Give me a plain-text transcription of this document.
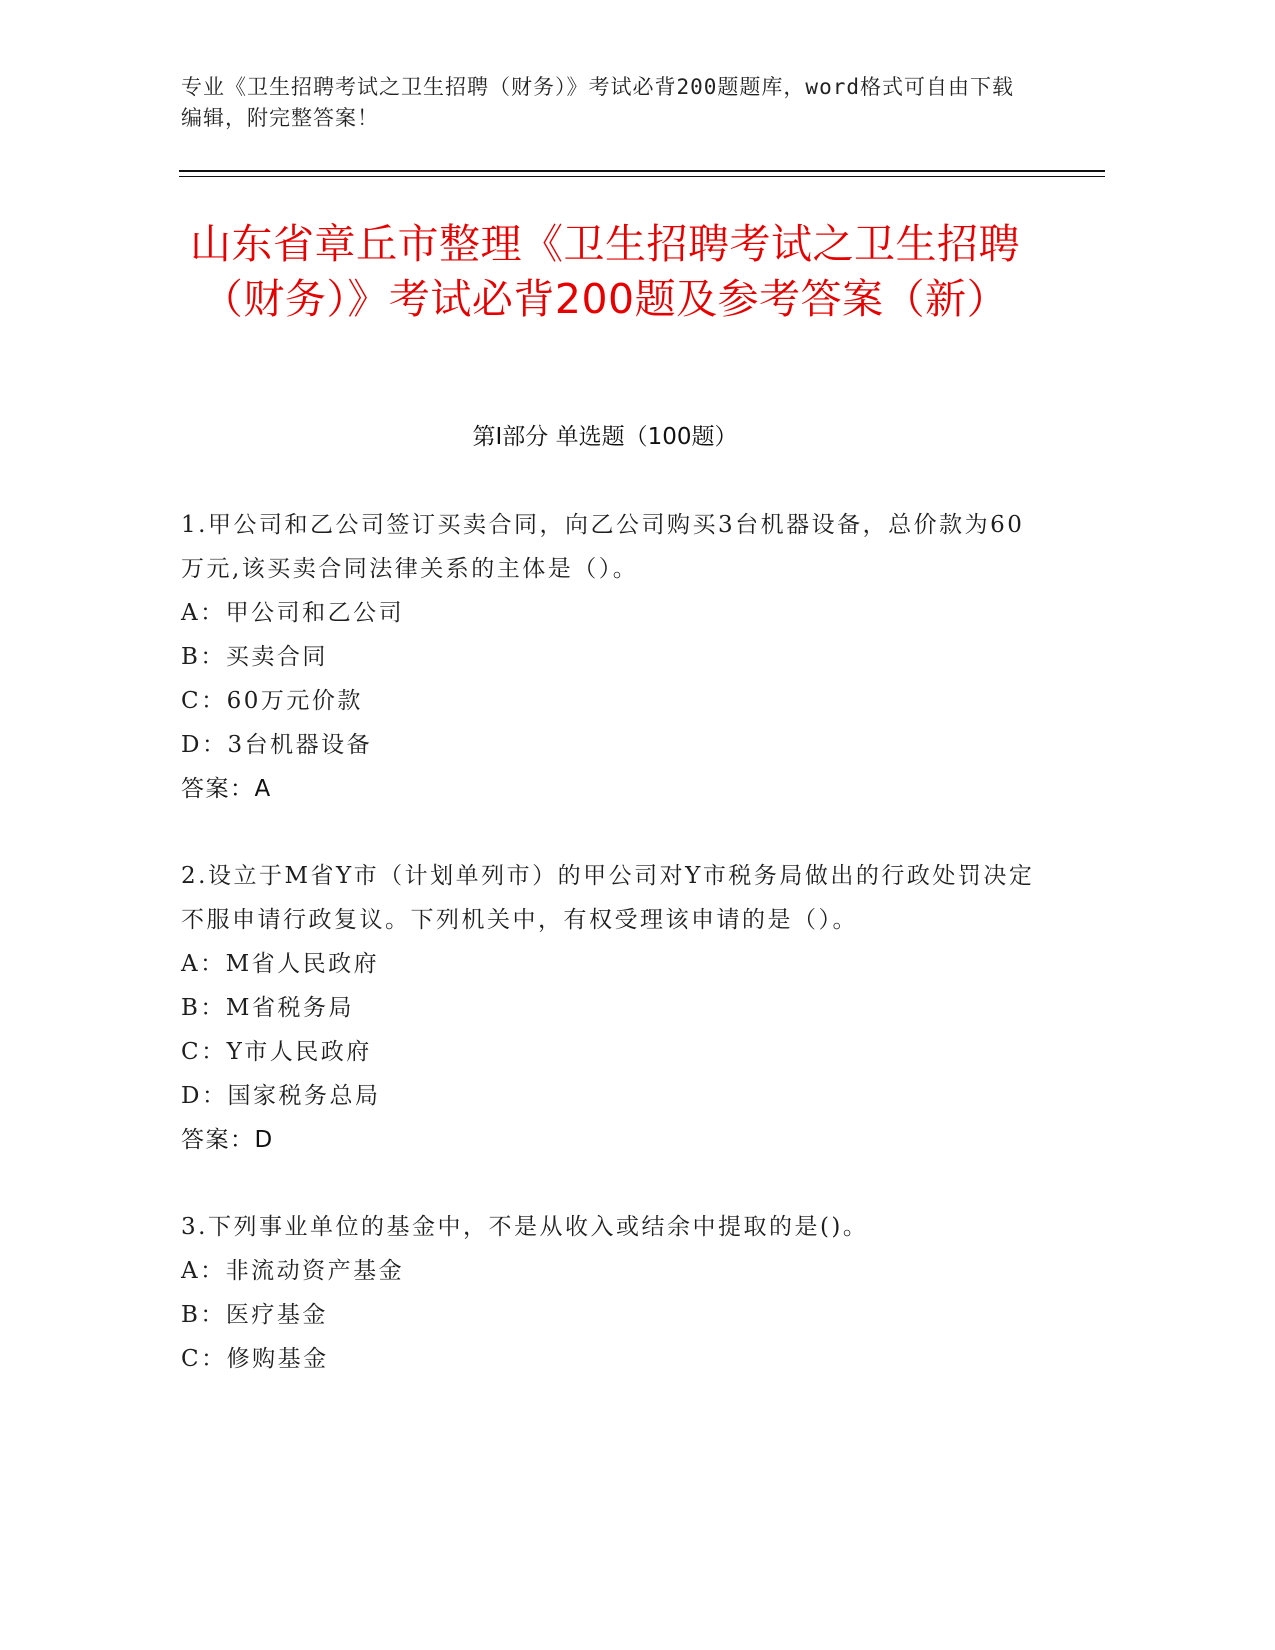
专业《卫生招聘考试之卫生招聘（财务）》考试必背200题题库，word格式可自由下载编辑，附完整答案！
山东省章丘市整理《卫生招聘考试之卫生招聘（财务）》考试必背200题及参考答案（新）
第I部分 单选题（100题）
1.甲公司和乙公司签订买卖合同，向乙公司购买3台机器设备，总价款为60万元,该买卖合同法律关系的主体是（）。
A：甲公司和乙公司
B：买卖合同
C：60万元价款
D：3台机器设备
答案：A
2.设立于M省Y市（计划单列市）的甲公司对Y市税务局做出的行政处罚决定不服申请行政复议。下列机关中，有权受理该申请的是（）。
A：M省人民政府
B：M省税务局
C：Y市人民政府
D：国家税务总局
答案：D
3.下列事业单位的基金中，不是从收入或结余中提取的是()。
A：非流动资产基金
B：医疗基金
C：修购基金
